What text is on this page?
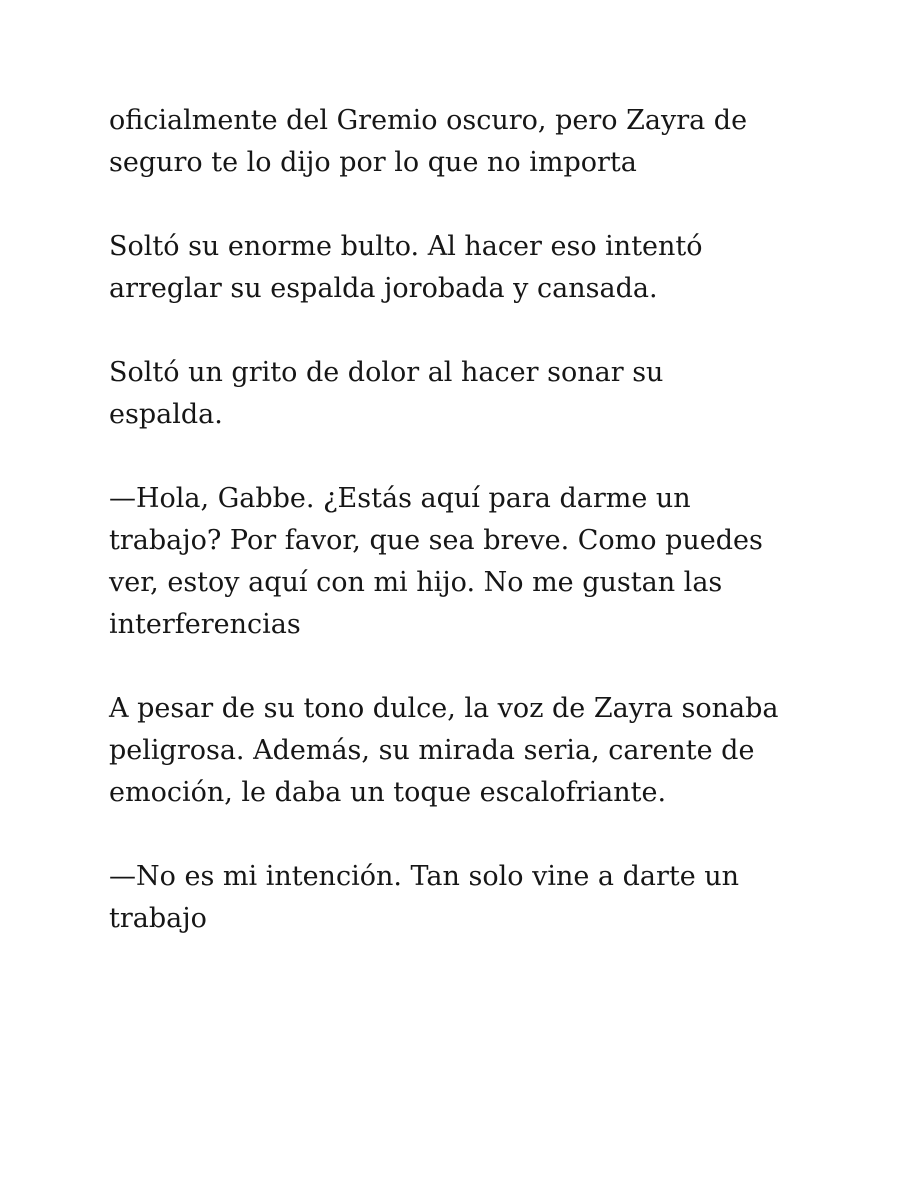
oficialmente del Gremio oscuro, pero Zayra de
seguro te lo dijo por lo que no importa

Soltó su enorme bulto. Al hacer eso intentó
arreglar su espalda jorobada y cansada.

Soltó un grito de dolor al hacer sonar su
espalda.

—Hola, Gabbe. ¿Estás aquí para darme un
trabajo? Por favor, que sea breve. Como puedes
ver, estoy aquí con mi hijo. No me gustan las
interferencias

A pesar de su tono dulce, la voz de Zayra sonaba
peligrosa. Además, su mirada seria, carente de
emoción, le daba un toque escalofriante.

—No es mi intención. Tan solo vine a darte un
trabajo
